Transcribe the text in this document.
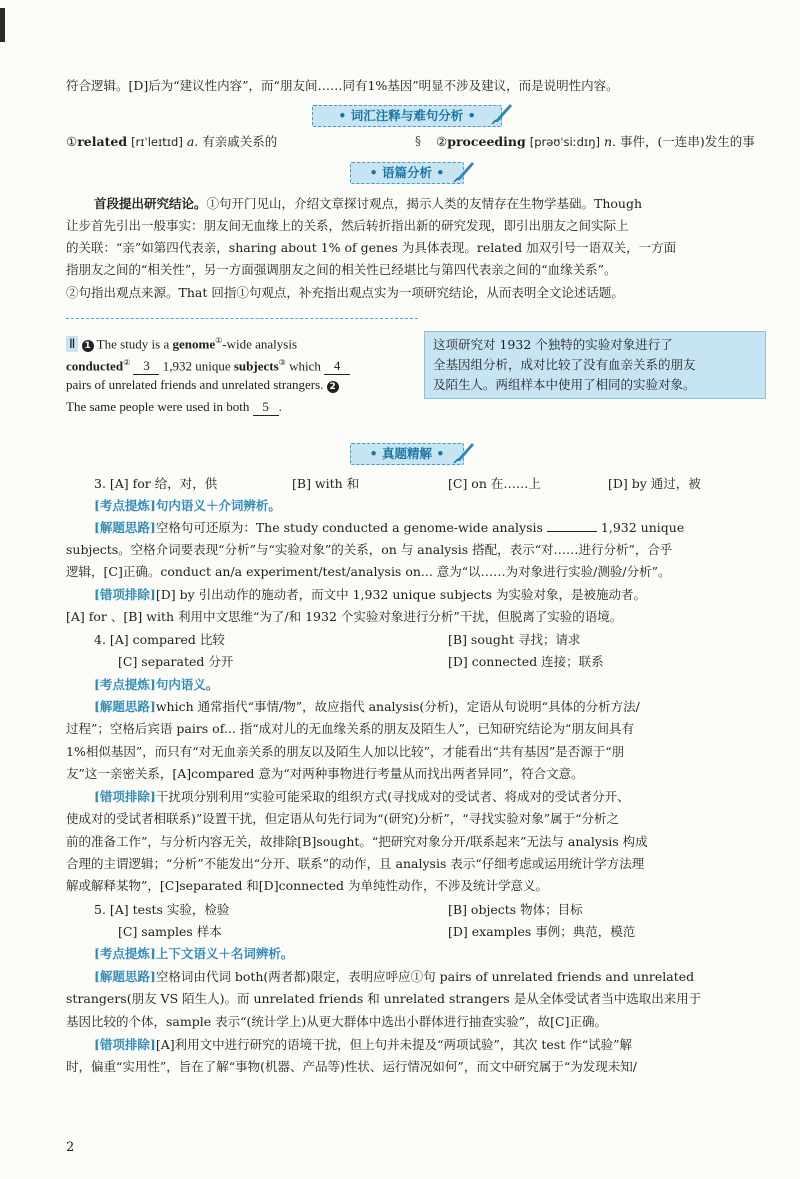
符合逻辑。[D]后为“建议性内容”，而“朋友间……同有1%基因”明显不涉及建议，而是说明性内容。
• 词汇注释与难句分析 •
①related [rɪˈleɪtɪd] a. 有亲戚关系的	§ ②proceeding [prəʊˈsiːdɪŋ] n. 事件，(一连串)发生的事
• 语篇分析 •
首段提出研究结论。①句开门见山，介绍文章探讨观点，揭示人类的友情存在生物学基础。Though
让步首先引出一般事实：朋友间无血缘上的关系，然后转折指出新的研究发现，即引出朋友之间实际上
的关联：“亲”如第四代表亲，sharing about 1% of genes 为具体表现。related 加双引号一语双关，一方面
指朋友之间的“相关性”，另一方面强调朋友之间的相关性已经堪比与第四代表亲之间的“血缘关系”。
②句指出观点来源。That 回指①句观点，补充指出观点实为一项研究结论，从而表明全文论述话题。
Ⅱ 1 The study is a genome①-wide analysis
conducted② 3 1,932 unique subjects③ which 4
pairs of unrelated friends and unrelated strangers. 2
The same people were used in both 5 .
这项研究对 1932 个独特的实验对象进行了
全基因组分析，成对比较了没有血亲关系的朋友
及陌生人。两组样本中使用了相同的实验对象。
• 真题精解 •
3. [A] for 给，对，供	[B] with 和	[C] on 在……上	[D] by 通过，被
[考点提炼]句内语义＋介词辨析。
[解题思路]空格句可还原为：The study conducted a genome-wide analysis	1,932 unique
subjects。空格介词要表现“分析”与“实验对象”的关系，on 与 analysis 搭配，表示“对……进行分析”，合乎
逻辑，[C]正确。conduct an/a experiment/test/analysis on... 意为“以……为对象进行实验/测验/分析”。
[错项排除][D] by 引出动作的施动者，而文中 1,932 unique subjects 为实验对象，是被施动者。
[A] for 、[B] with 利用中文思维“为了/和 1932 个实验对象进行分析”干扰，但脱离了实验的语境。
4. [A] compared 比较	[B] sought 寻找；请求
[C] separated 分开	[D] connected 连接；联系
[考点提炼]句内语义。
[解题思路]which 通常指代“事情/物”，故应指代 analysis(分析)，定语从句说明“具体的分析方法/
过程”；空格后宾语 pairs of... 指“成对儿的无血缘关系的朋友及陌生人”，已知研究结论为“朋友间具有
1%相似基因”，而只有“对无血亲关系的朋友以及陌生人加以比较”，才能看出“共有基因”是否源于“朋
友”这一亲密关系，[A]compared 意为“对两种事物进行考量从而找出两者异同”，符合文意。
[错项排除]干扰项分别利用“实验可能采取的组织方式(寻找成对的受试者、将成对的受试者分开、
使成对的受试者相联系)”设置干扰，但定语从句先行词为“(研究)分析”，“寻找实验对象”属于“分析之
前的准备工作”，与分析内容无关，故排除[B]sought。“把研究对象分开/联系起来”无法与 analysis 构成
合理的主谓逻辑；“分析”不能发出“分开、联系”的动作，且 analysis 表示“仔细考虑或运用统计学方法理
解或解释某物”，[C]separated 和[D]connected 为单纯性动作，不涉及统计学意义。
5. [A] tests 实验，检验	[B] objects 物体；目标
[C] samples 样本	[D] examples 事例；典范，模范
[考点提炼]上下文语义＋名词辨析。
[解题思路]空格词由代词 both(两者都)限定，表明应呼应①句 pairs of unrelated friends and unrelated
strangers(朋友 VS 陌生人)。而 unrelated friends 和 unrelated strangers 是从全体受试者当中选取出来用于
基因比较的个体，sample 表示“(统计学上)从更大群体中选出小群体进行抽查实验”，故[C]正确。
[错项排除][A]利用文中进行研究的语境干扰，但上句并未提及“两项试验”，其次 test 作“试验”解
时，偏重“实用性”，旨在了解“事物(机器、产品等)性状、运行情况如何”，而文中研究属于“为发现未知/
2
